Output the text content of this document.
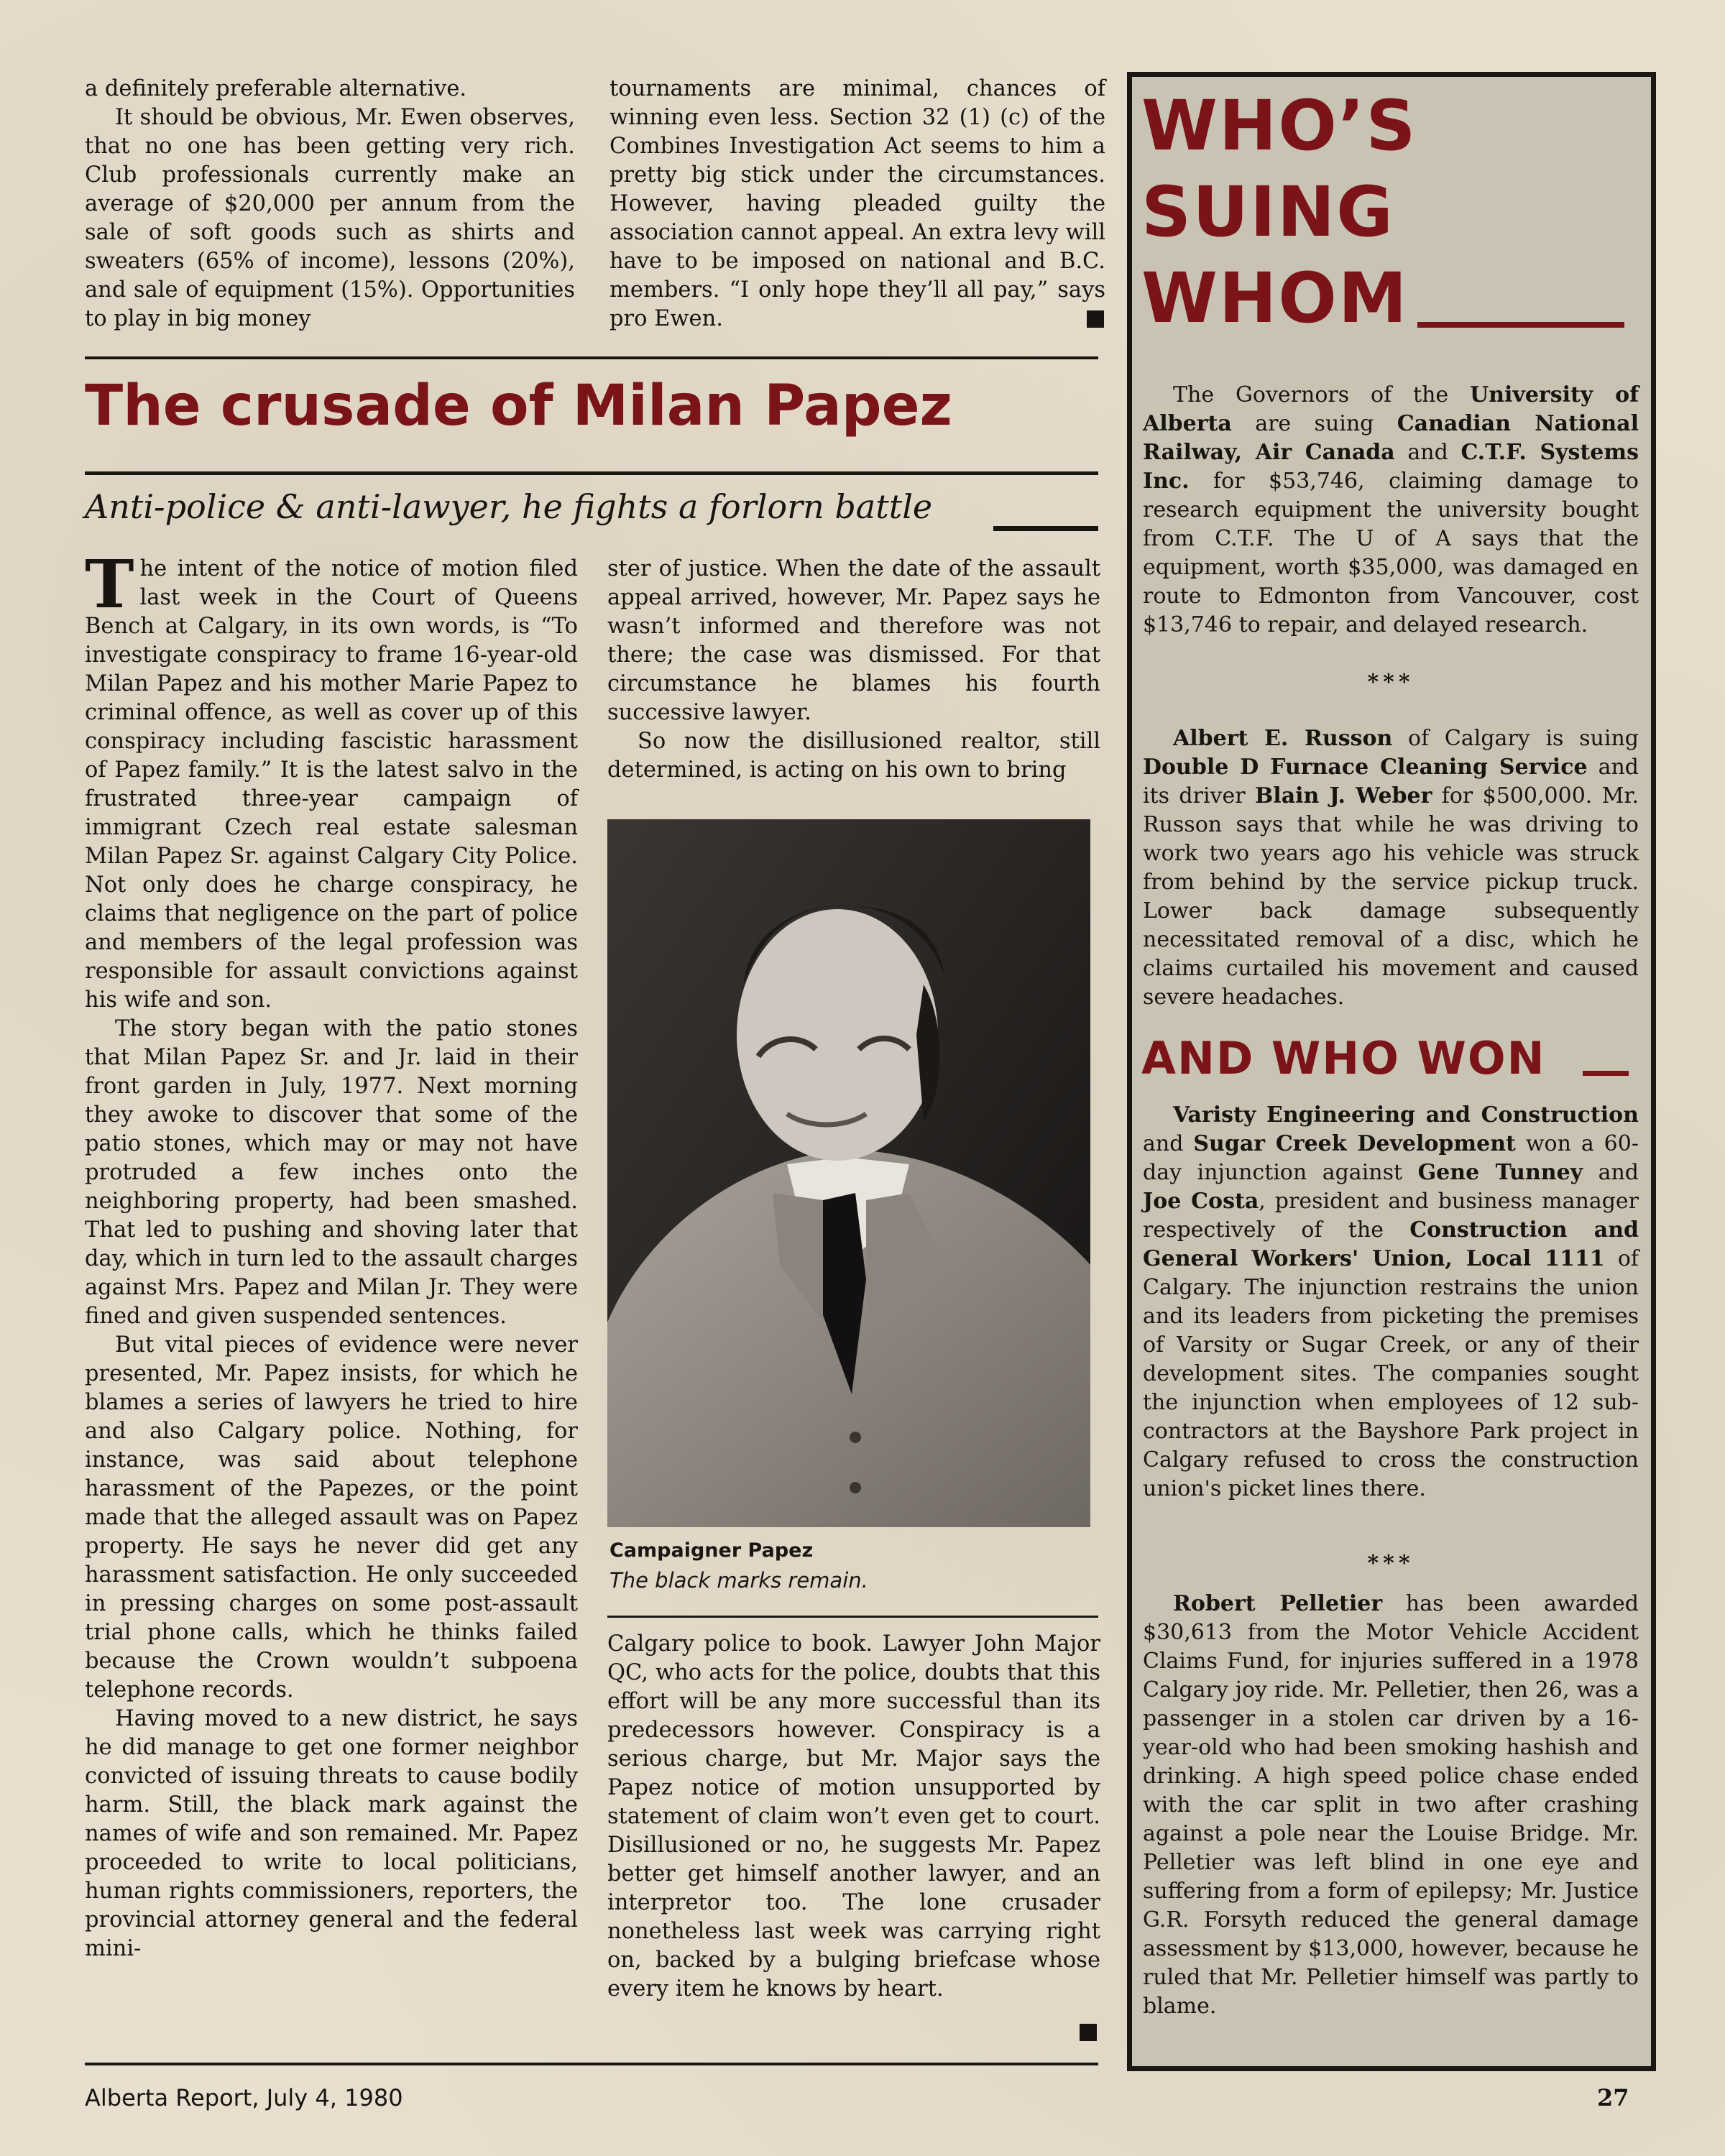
a definitely preferable alternative.

It should be obvious, Mr. Ewen observes, that no one has been getting very rich. Club professionals currently make an average of $20,000 per annum from the sale of soft goods such as shirts and sweaters (65% of income), lessons (20%), and sale of equipment (15%). Opportunities to play in big money

tournaments are minimal, chances of winning even less. Section 32 (1) (c) of the Combines Investigation Act seems to him a pretty big stick under the circumstances. However, having pleaded guilty the association cannot appeal. An extra levy will have to be imposed on national and B.C. members. “I only hope they’ll all pay,” says pro Ewen.

The crusade of Milan Papez
Anti-police & anti-lawyer, he fights a forlorn battle

The intent of the notice of motion filed last week in the Court of Queens Bench at Calgary, in its own words, is “To investigate conspiracy to frame 16-year-old Milan Papez and his mother Marie Papez to criminal offence, as well as cover up of this conspiracy including fascistic harassment of Papez family.” It is the latest salvo in the frustrated three-year campaign of immigrant Czech real estate salesman Milan Papez Sr. against Calgary City Police. Not only does he charge conspiracy, he claims that negligence on the part of police and members of the legal profession was responsible for assault convictions against his wife and son.

The story began with the patio stones that Milan Papez Sr. and Jr. laid in their front garden in July, 1977. Next morning they awoke to discover that some of the patio stones, which may or may not have protruded a few inches onto the neighboring property, had been smashed. That led to pushing and shoving later that day, which in turn led to the assault charges against Mrs. Papez and Milan Jr. They were fined and given suspended sentences.

But vital pieces of evidence were never presented, Mr. Papez insists, for which he blames a series of lawyers he tried to hire and also Calgary police. Nothing, for instance, was said about telephone harassment of the Papezes, or the point made that the alleged assault was on Papez property. He says he never did get any harassment satisfaction. He only succeeded in pressing charges on some post-assault trial phone calls, which he thinks failed because the Crown wouldn’t subpoena telephone records.

Having moved to a new district, he says he did manage to get one former neighbor convicted of issuing threats to cause bodily harm. Still, the black mark against the names of wife and son remained. Mr. Papez proceeded to write to local politicians, human rights commissioners, reporters, the provincial attorney general and the federal mini-

ster of justice. When the date of the assault appeal arrived, however, Mr. Papez says he wasn’t informed and therefore was not there; the case was dismissed. For that circumstance he blames his fourth successive lawyer.

So now the disillusioned realtor, still determined, is acting on his own to bring

Campaigner Papez
The black marks remain.

Calgary police to book. Lawyer John Major QC, who acts for the police, doubts that this effort will be any more successful than its predecessors however. Conspiracy is a serious charge, but Mr. Major says the Papez notice of motion unsupported by statement of claim won’t even get to court. Disillusioned or no, he suggests Mr. Papez better get himself another lawyer, and an interpretor too. The lone crusader nonetheless last week was carrying right on, backed by a bulging briefcase whose every item he knows by heart.

WHO’S
SUING
WHOM

The Governors of the University of Alberta are suing Canadian National Railway, Air Canada and C.T.F. Systems Inc. for $53,746, claiming damage to research equipment the university bought from C.T.F. The U of A says that the equipment, worth $35,000, was damaged en route to Edmonton from Vancouver, cost $13,746 to repair, and delayed research.

***

Albert E. Russon of Calgary is suing Double D Furnace Cleaning Service and its driver Blain J. Weber for $500,000. Mr. Russon says that while he was driving to work two years ago his vehicle was struck from behind by the service pickup truck. Lower back damage subsequently necessitated removal of a disc, which he claims curtailed his movement and caused severe headaches.

AND WHO WON

Varisty Engineering and Construction and Sugar Creek Development won a 60-day injunction against Gene Tunney and Joe Costa, president and business manager respectively of the Construction and General Workers' Union, Local 1111 of Calgary. The injunction restrains the union and its leaders from picketing the premises of Varsity or Sugar Creek, or any of their development sites. The companies sought the injunction when employees of 12 sub-contractors at the Bayshore Park project in Calgary refused to cross the construction union's picket lines there.

***

Robert Pelletier has been awarded $30,613 from the Motor Vehicle Accident Claims Fund, for injuries suffered in a 1978 Calgary joy ride. Mr. Pelletier, then 26, was a passenger in a stolen car driven by a 16-year-old who had been smoking hashish and drinking. A high speed police chase ended with the car split in two after crashing against a pole near the Louise Bridge. Mr. Pelletier was left blind in one eye and suffering from a form of epilepsy; Mr. Justice G.R. Forsyth reduced the general damage assessment by $13,000, however, because he ruled that Mr. Pelletier himself was partly to blame.

Alberta Report, July 4, 1980	27
